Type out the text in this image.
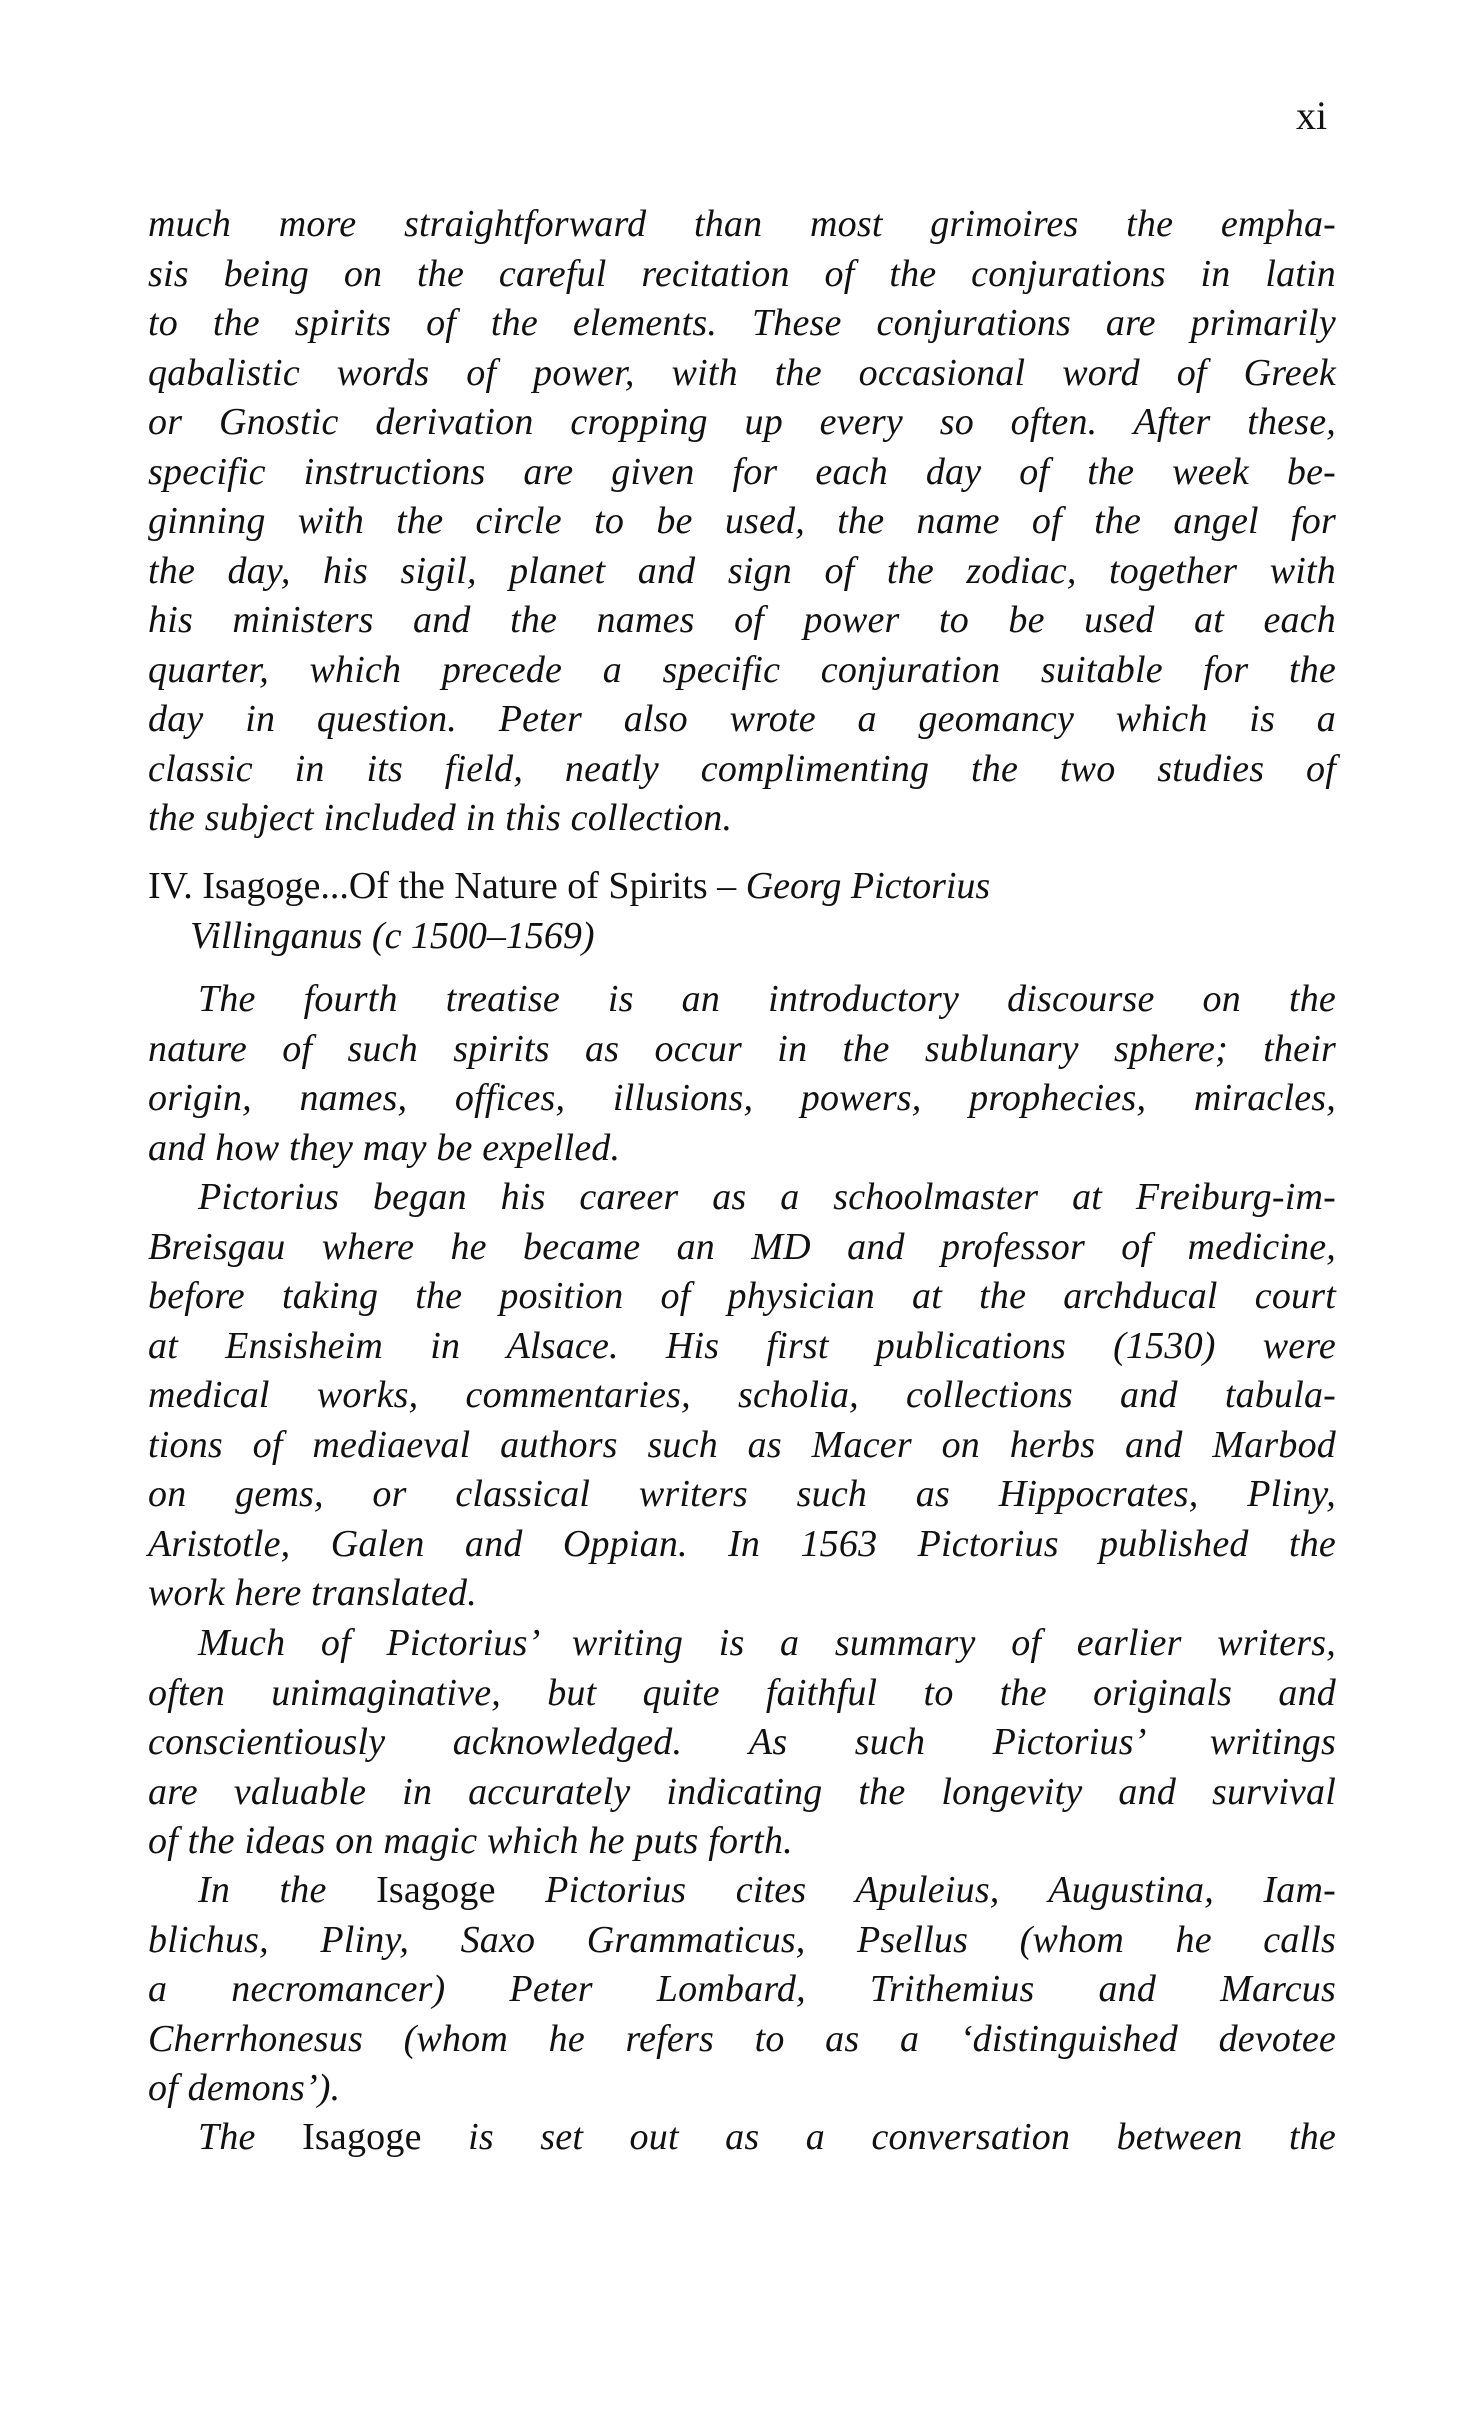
xi
much more straightforward than most grimoires the empha-
sis being on the careful recitation of the conjurations in latin
to the spirits of the elements. These conjurations are primarily
qabalistic words of power, with the occasional word of Greek
or Gnostic derivation cropping up every so often. After these,
specific instructions are given for each day of the week be-
ginning with the circle to be used, the name of the angel for
the day, his sigil, planet and sign of the zodiac, together with
his ministers and the names of power to be used at each
quarter, which precede a specific conjuration suitable for the
day in question. Peter also wrote a geomancy which is a
classic in its field, neatly complimenting the two studies of
the subject included in this collection.
IV. Isagoge...Of the Nature of Spirits – Georg Pictorius
Villinganus (c 1500–1569)
The fourth treatise is an introductory discourse on the
nature of such spirits as occur in the sublunary sphere; their
origin, names, offices, illusions, powers, prophecies, miracles,
and how they may be expelled.
Pictorius began his career as a schoolmaster at Freiburg-im-
Breisgau where he became an MD and professor of medicine,
before taking the position of physician at the archducal court
at Ensisheim in Alsace. His first publications (1530) were
medical works, commentaries, scholia, collections and tabula-
tions of mediaeval authors such as Macer on herbs and Marbod
on gems, or classical writers such as Hippocrates, Pliny,
Aristotle, Galen and Oppian. In 1563 Pictorius published the
work here translated.
Much of Pictorius’ writing is a summary of earlier writers,
often unimaginative, but quite faithful to the originals and
conscientiously acknowledged. As such Pictorius’ writings
are valuable in accurately indicating the longevity and survival
of the ideas on magic which he puts forth.
In the Isagoge Pictorius cites Apuleius, Augustina, Iam-
blichus, Pliny, Saxo Grammaticus, Psellus (whom he calls
a necromancer) Peter Lombard, Trithemius and Marcus
Cherrhonesus (whom he refers to as a ‘distinguished devotee
of demons’).
The Isagoge is set out as a conversation between the
